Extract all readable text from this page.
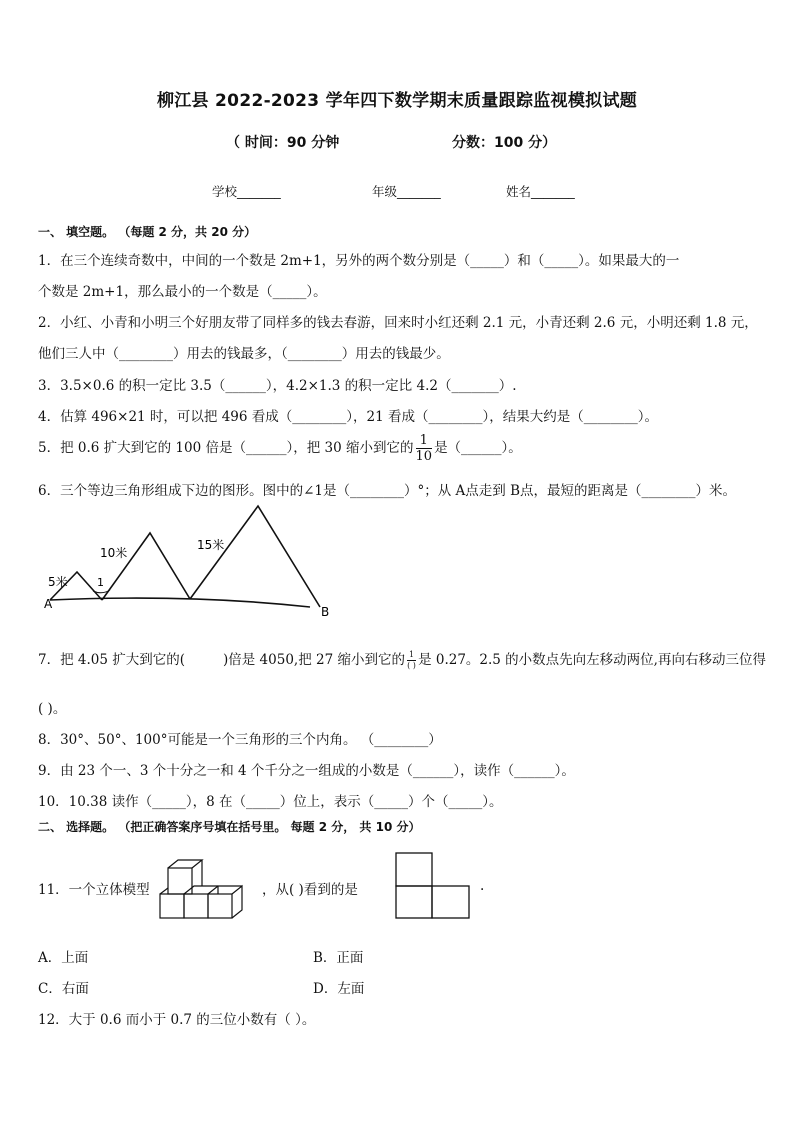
柳江县 2022-2023 学年四下数学期末质量跟踪监视模拟试题
（ 时间：90 分钟	分数：100 分）
学校_______	年级_______	姓名_______
一、 填空题。 （每题 2 分，共 20 分）
1．在三个连续奇数中，中间的一个数是 2m+1，另外的两个数分别是（_____）和（_____）。如果最大的一
个数是 2m+1，那么最小的一个数是（_____）。
2．小红、小青和小明三个好朋友带了同样多的钱去春游，回来时小红还剩 2.1 元，小青还剩 2.6 元，小明还剩 1.8 元，
他们三人中（________）用去的钱最多，（________）用去的钱最少。
3．3.5×0.6 的积一定比 3.5（______），4.2×1.3 的积一定比 4.2（_______）.
4．估算 496×21 时，可以把 496 看成（________），21 看成（________），结果大约是（________）。
5．把 0.6 扩大到它的 100 倍是（______），把 30 缩小到它的 $\frac{1}{10}$ 是（______）。
6．三个等边三角形组成下边的图形。图中的∠1是（________）°；从 A点走到 B点，最短的距离是（________）米。
5米
10米
15米
1
A
B
7．把 4.05 扩大到它的(	)倍是 4050,把 27 缩小到它的 $\frac{1}{( )}$ 是 0.27。2.5 的小数点先向左移动两位,再向右移动三位得
( )。
8．30°、50°、100°可能是一个三角形的三个内角。 （________）
9．由 23 个一、3 个十分之一和 4 个千分之一组成的小数是（______），读作（______）。
10．10.38 读作（_____），8 在（_____）位上，表示（_____）个（_____）。
二、 选择题。 （把正确答案序号填在括号里。 每题 2 分， 共 10 分）
11．一个立体模型	，从( )看到的是	.
A．上面	B．正面
C．右面	D．左面
12．大于 0.6 而小于 0.7 的三位小数有（ ）。
